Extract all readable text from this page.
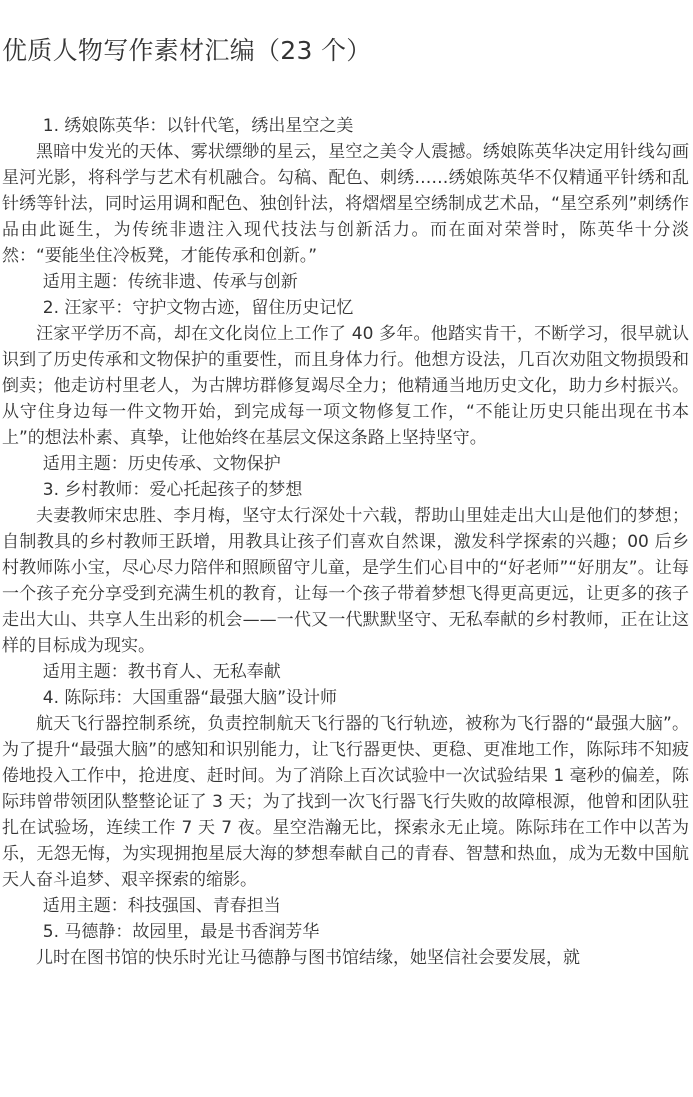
优质人物写作素材汇编（23 个）

1. 绣娘陈英华：以针代笔，绣出星空之美

黑暗中发光的天体、雾状缥缈的星云，星空之美令人震撼。绣娘陈英华决定用针线勾画星河光影，将科学与艺术有机融合。勾稿、配色、刺绣……绣娘陈英华不仅精通平针绣和乱针绣等针法，同时运用调和配色、独创针法，将熠熠星空绣制成艺术品，“星空系列”刺绣作品由此诞生，为传统非遗注入现代技法与创新活力。而在面对荣誉时，陈英华十分淡然：“要能坐住冷板凳，才能传承和创新。”

适用主题：传统非遗、传承与创新

2. 汪家平：守护文物古迹，留住历史记忆

汪家平学历不高，却在文化岗位上工作了 40 多年。他踏实肯干，不断学习，很早就认识到了历史传承和文物保护的重要性，而且身体力行。他想方设法，几百次劝阻文物损毁和倒卖；他走访村里老人，为古牌坊群修复竭尽全力；他精通当地历史文化，助力乡村振兴。从守住身边每一件文物开始，到完成每一项文物修复工作，“不能让历史只能出现在书本上”的想法朴素、真挚，让他始终在基层文保这条路上坚持坚守。

适用主题：历史传承、文物保护

3. 乡村教师：爱心托起孩子的梦想

夫妻教师宋忠胜、李月梅，坚守太行深处十六载，帮助山里娃走出大山是他们的梦想；自制教具的乡村教师王跃增，用教具让孩子们喜欢自然课，激发科学探索的兴趣；00 后乡村教师陈小宝，尽心尽力陪伴和照顾留守儿童，是学生们心目中的“好老师”“好朋友”。让每一个孩子充分享受到充满生机的教育，让每一个孩子带着梦想飞得更高更远，让更多的孩子走出大山、共享人生出彩的机会——一代又一代默默坚守、无私奉献的乡村教师，正在让这样的目标成为现实。

适用主题：教书育人、无私奉献

4. 陈际玮：大国重器“最强大脑”设计师

航天飞行器控制系统，负责控制航天飞行器的飞行轨迹，被称为飞行器的“最强大脑”。为了提升“最强大脑”的感知和识别能力，让飞行器更快、更稳、更准地工作，陈际玮不知疲倦地投入工作中，抢进度、赶时间。为了消除上百次试验中一次试验结果 1 毫秒的偏差，陈际玮曾带领团队整整论证了 3 天；为了找到一次飞行器飞行失败的故障根源，他曾和团队驻扎在试验场，连续工作 7 天 7 夜。星空浩瀚无比，探索永无止境。陈际玮在工作中以苦为乐，无怨无悔，为实现拥抱星辰大海的梦想奉献自己的青春、智慧和热血，成为无数中国航天人奋斗追梦、艰辛探索的缩影。

适用主题：科技强国、青春担当

5. 马德静：故园里，最是书香润芳华

儿时在图书馆的快乐时光让马德静与图书馆结缘，她坚信社会要发展，就
